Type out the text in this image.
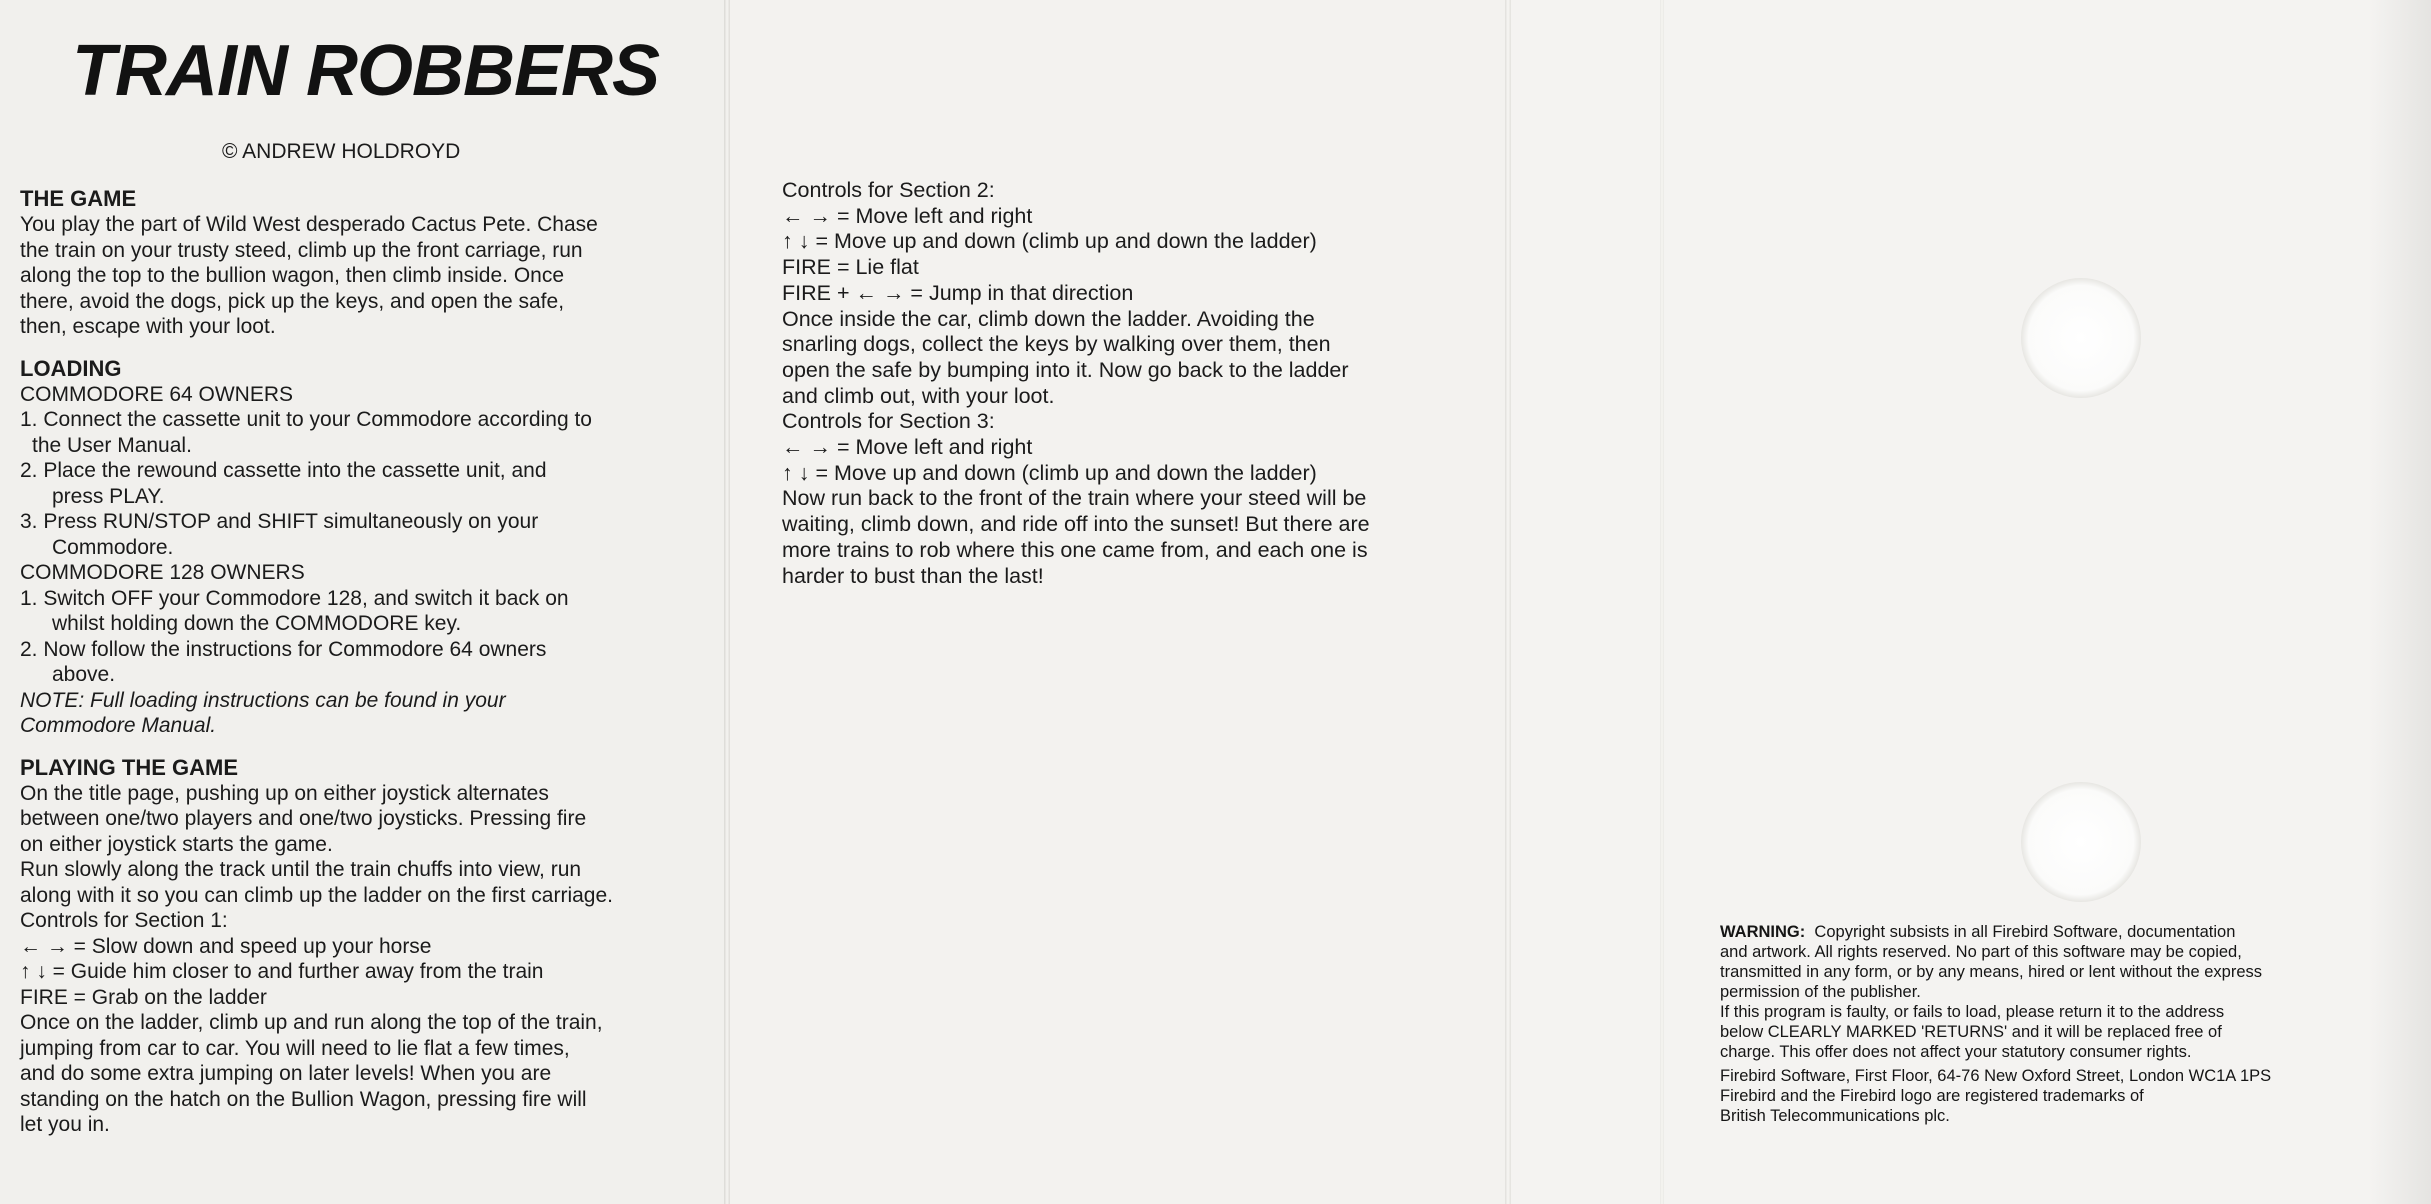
TRAIN ROBBERS
© ANDREW HOLDROYD
THE GAME

You play the part of Wild West desperado Cactus Pete. Chase

the train on your trusty steed, climb up the front carriage, run

along the top to the bullion wagon, then climb inside. Once

there, avoid the dogs, pick up the keys, and open the safe,

then, escape with your loot.

LOADING

COMMODORE 64 OWNERS

1. Connect the cassette unit to your Commodore according to

the User Manual.

2. Place the rewound cassette into the cassette unit, and

press PLAY.

3. Press RUN/STOP and SHIFT simultaneously on your

Commodore.

COMMODORE 128 OWNERS

1. Switch OFF your Commodore 128, and switch it back on

whilst holding down the COMMODORE key.

2. Now follow the instructions for Commodore 64 owners

above.

NOTE: Full loading instructions can be found in your

Commodore Manual.

PLAYING THE GAME

On the title page, pushing up on either joystick alternates

between one/two players and one/two joysticks. Pressing fire

on either joystick starts the game.

Run slowly along the track until the train chuffs into view, run

along with it so you can climb up the ladder on the first carriage.

Controls for Section 1:

← → = Slow down and speed up your horse

↑ ↓ = Guide him closer to and further away from the train

FIRE = Grab on the ladder

Once on the ladder, climb up and run along the top of the train,

jumping from car to car. You will need to lie flat a few times,

and do some extra jumping on later levels! When you are

standing on the hatch on the Bullion Wagon, pressing fire will

let you in.

Controls for Section 2:

← → = Move left and right

↑ ↓ = Move up and down (climb up and down the ladder)

FIRE = Lie flat

FIRE + ← → = Jump in that direction

Once inside the car, climb down the ladder. Avoiding the

snarling dogs, collect the keys by walking over them, then

open the safe by bumping into it. Now go back to the ladder

and climb out, with your loot.

Controls for Section 3:

← → = Move left and right

↑ ↓ = Move up and down (climb up and down the ladder)

Now run back to the front of the train where your steed will be

waiting, climb down, and ride off into the sunset! But there are

more trains to rob where this one came from, and each one is

harder to bust than the last!

WARNING: Copyright subsists in all Firebird Software, documentation

and artwork. All rights reserved. No part of this software may be copied,

transmitted in any form, or by any means, hired or lent without the express

permission of the publisher.

If this program is faulty, or fails to load, please return it to the address

below CLEARLY MARKED 'RETURNS' and it will be replaced free of

charge. This offer does not affect your statutory consumer rights.

Firebird Software, First Floor, 64-76 New Oxford Street, London WC1A 1PS

Firebird and the Firebird logo are registered trademarks of

British Telecommunications plc.
